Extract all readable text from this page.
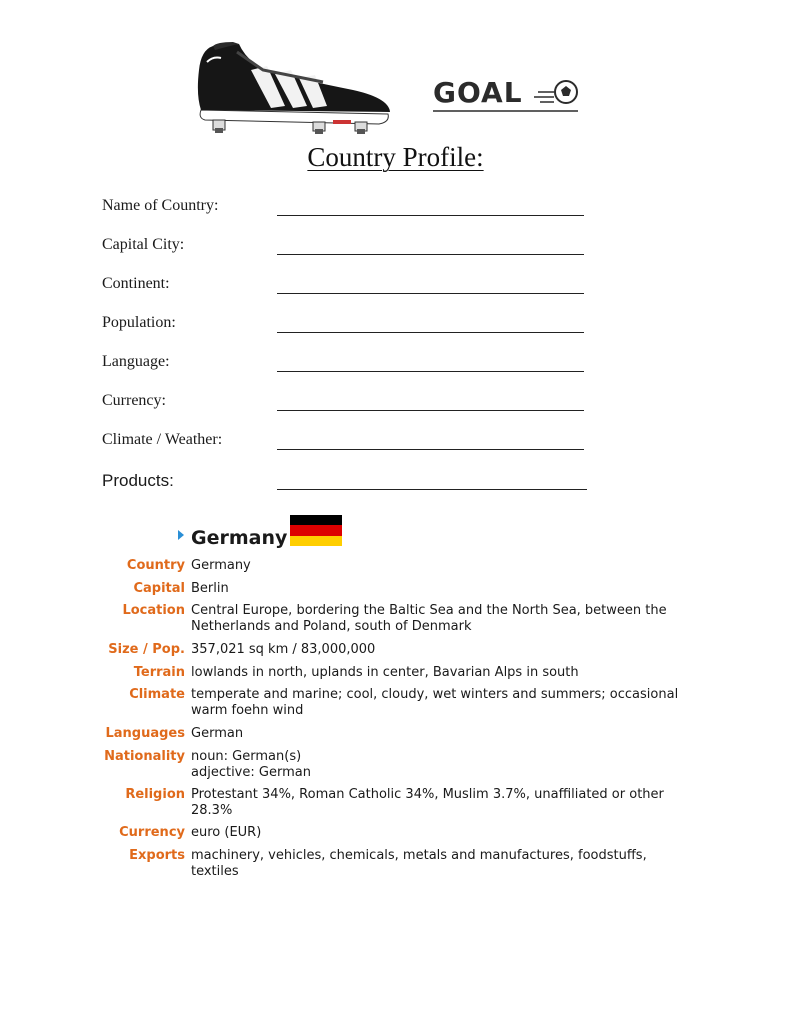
GOAL
Country Profile:
Name of Country:
Capital City:
Continent:
Population:
Language:
Currency:
Climate / Weather:
Products:
Germany
Country Germany
Capital Berlin
Location Central Europe, bordering the Baltic Sea and the North Sea, between the
Netherlands and Poland, south of Denmark
Size / Pop. 357,021 sq km / 83,000,000
Terrain lowlands in north, uplands in center, Bavarian Alps in south
Climate temperate and marine; cool, cloudy, wet winters and summers; occasional
warm foehn wind
Languages German
Nationality noun: German(s)
adjective: German
Religion Protestant 34%, Roman Catholic 34%, Muslim 3.7%, unaffiliated or other
28.3%
Currency euro (EUR)
Exports machinery, vehicles, chemicals, metals and manufactures, foodstuffs,
textiles
